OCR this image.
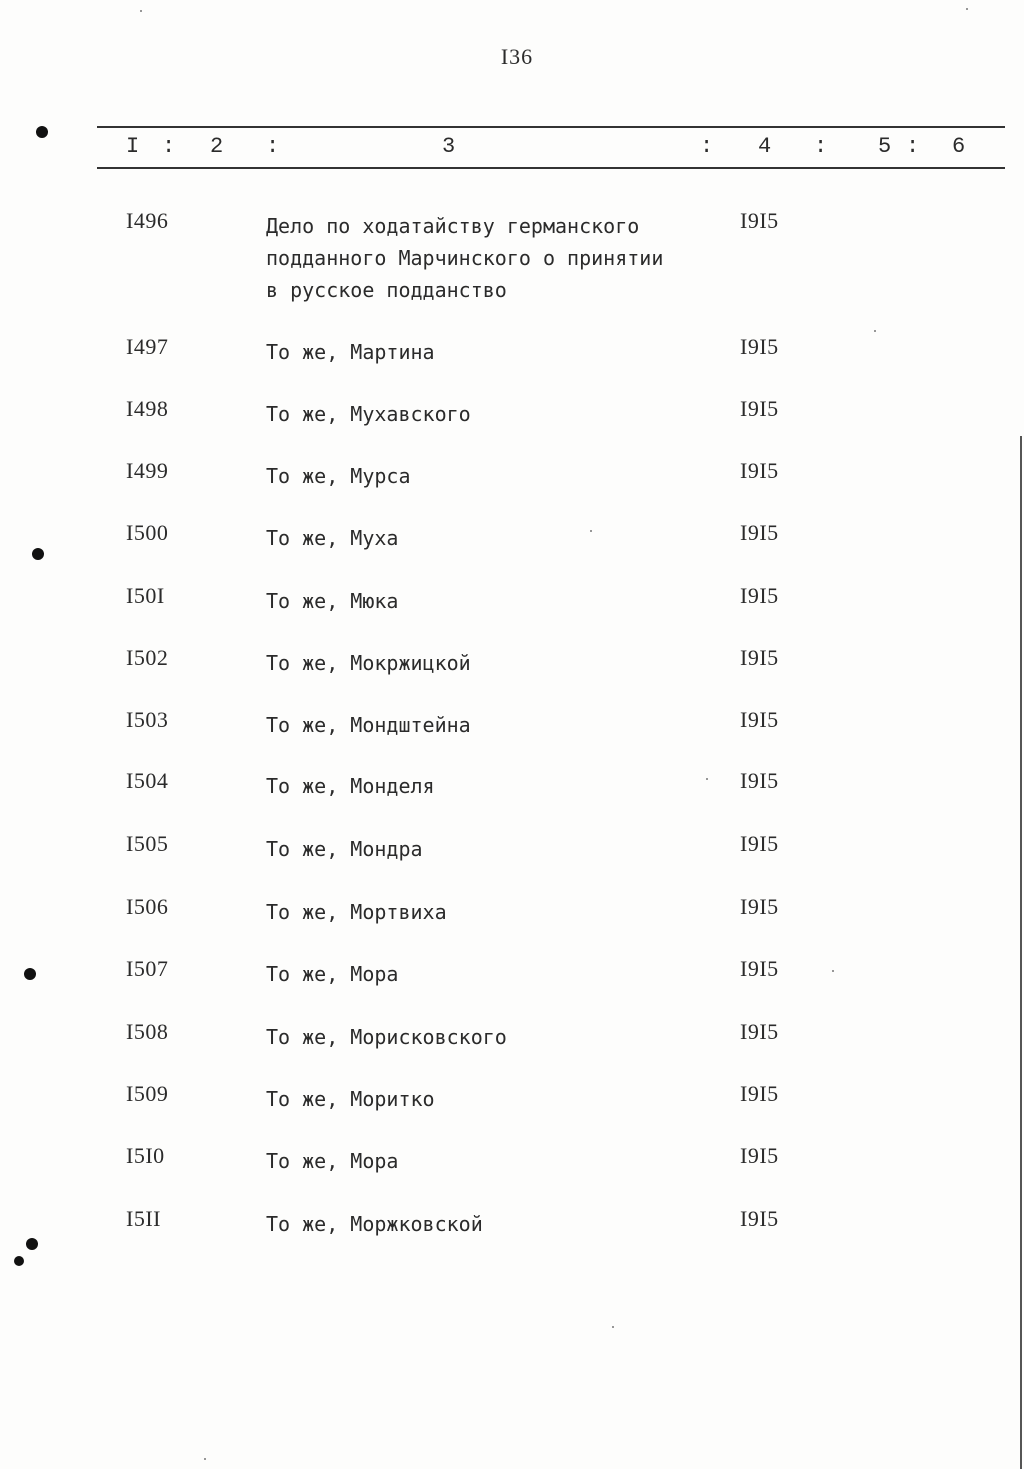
I36
I : 2 :	3	: 4 : 5 : 6
I496	Дело по ходатайству германского
подданного Марчинского о принятии
в русское подданство
I9I5
I497	То же, Мартина	I9I5
I498	То же, Мухавского	I9I5
I499	То же, Мурса	I9I5
I500	То же, Муха	I9I5
I50I	То же, Мюка	I9I5
I502	То же, Мокржицкой	I9I5
I503	То же, Мондштейна	I9I5
I504	То же, Монделя	I9I5
I505	То же, Мондра	I9I5
I506	То же, Мортвиха	I9I5
I507	То же, Мора	I9I5
I508	То же, Морисковского	I9I5
I509	То же, Моритко	I9I5
I5I0	То же, Мора	I9I5
I5II	То же, Моржковской	I9I5
